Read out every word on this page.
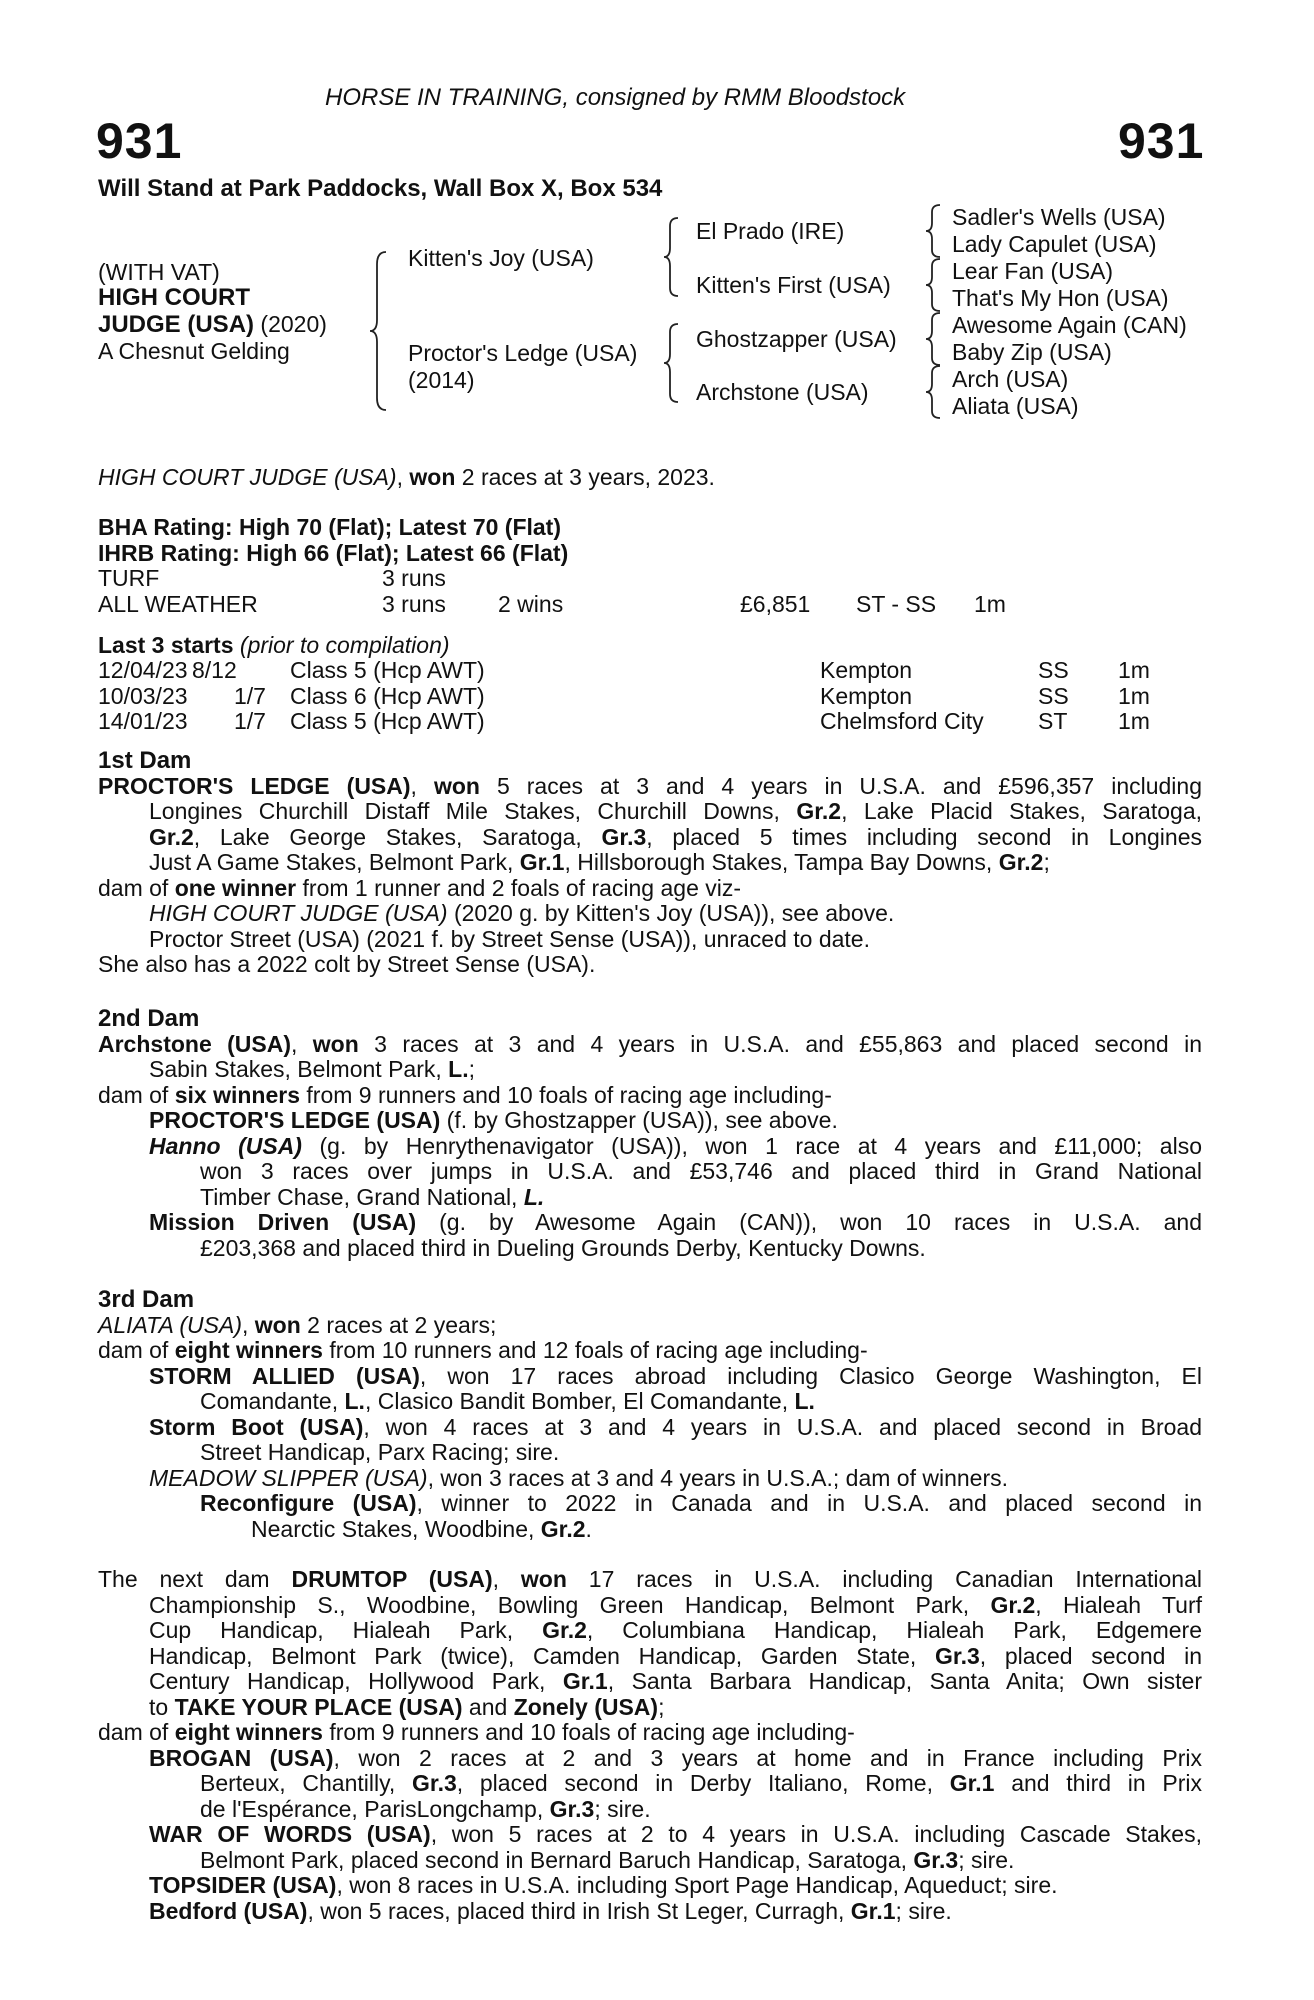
HORSE IN TRAINING, consigned by RMM Bloodstock
931	931
Will Stand at Park Paddocks, Wall Box X, Box 534
(WITH VAT)
HIGH COURT
JUDGE (USA) (2020)
A Chesnut Gelding
Kitten's Joy (USA)
Proctor's Ledge (USA)
(2014)
El Prado (IRE)
Kitten's First (USA)
Ghostzapper (USA)
Archstone (USA)
Sadler's Wells (USA)
Lady Capulet (USA)
Lear Fan (USA)
That's My Hon (USA)
Awesome Again (CAN)
Baby Zip (USA)
Arch (USA)
Aliata (USA)
HIGH COURT JUDGE (USA), won 2 races at 3 years, 2023.
BHA Rating: High 70 (Flat); Latest 70 (Flat)
IHRB Rating: High 66 (Flat); Latest 66 (Flat)
TURF	3 runs
ALL WEATHER	3 runs 2 wins	£6,851 ST - SS 1m
Last 3 starts (prior to compilation)
12/04/23 8/12 Class 5 (Hcp AWT)	Kempton	SS 1m
10/03/23 1/7 Class 6 (Hcp AWT)	Kempton	SS 1m
14/01/23 1/7 Class 5 (Hcp AWT)	Chelmsford City ST 1m
1st Dam
PROCTOR'S LEDGE (USA), won 5 races at 3 and 4 years in U.S.A. and £596,357 including
Longines Churchill Distaff Mile Stakes, Churchill Downs, Gr.2, Lake Placid Stakes, Saratoga,
Gr.2, Lake George Stakes, Saratoga, Gr.3, placed 5 times including second in Longines
Just A Game Stakes, Belmont Park, Gr.1, Hillsborough Stakes, Tampa Bay Downs, Gr.2;
dam of one winner from 1 runner and 2 foals of racing age viz-
HIGH COURT JUDGE (USA) (2020 g. by Kitten's Joy (USA)), see above.
Proctor Street (USA) (2021 f. by Street Sense (USA)), unraced to date.
She also has a 2022 colt by Street Sense (USA).
2nd Dam
Archstone (USA), won 3 races at 3 and 4 years in U.S.A. and £55,863 and placed second in
Sabin Stakes, Belmont Park, L.;
dam of six winners from 9 runners and 10 foals of racing age including-
PROCTOR'S LEDGE (USA) (f. by Ghostzapper (USA)), see above.
Hanno (USA) (g. by Henrythenavigator (USA)), won 1 race at 4 years and £11,000; also
won 3 races over jumps in U.S.A. and £53,746 and placed third in Grand National
Timber Chase, Grand National, L.
Mission Driven (USA) (g. by Awesome Again (CAN)), won 10 races in U.S.A. and
£203,368 and placed third in Dueling Grounds Derby, Kentucky Downs.
3rd Dam
ALIATA (USA), won 2 races at 2 years;
dam of eight winners from 10 runners and 12 foals of racing age including-
STORM ALLIED (USA), won 17 races abroad including Clasico George Washington, El
Comandante, L., Clasico Bandit Bomber, El Comandante, L.
Storm Boot (USA), won 4 races at 3 and 4 years in U.S.A. and placed second in Broad
Street Handicap, Parx Racing; sire.
MEADOW SLIPPER (USA), won 3 races at 3 and 4 years in U.S.A.; dam of winners.
Reconfigure (USA), winner to 2022 in Canada and in U.S.A. and placed second in
Nearctic Stakes, Woodbine, Gr.2.
The next dam DRUMTOP (USA), won 17 races in U.S.A. including Canadian International
Championship S., Woodbine, Bowling Green Handicap, Belmont Park, Gr.2, Hialeah Turf
Cup Handicap, Hialeah Park, Gr.2, Columbiana Handicap, Hialeah Park, Edgemere
Handicap, Belmont Park (twice), Camden Handicap, Garden State, Gr.3, placed second in
Century Handicap, Hollywood Park, Gr.1, Santa Barbara Handicap, Santa Anita; Own sister
to TAKE YOUR PLACE (USA) and Zonely (USA);
dam of eight winners from 9 runners and 10 foals of racing age including-
BROGAN (USA), won 2 races at 2 and 3 years at home and in France including Prix
Berteux, Chantilly, Gr.3, placed second in Derby Italiano, Rome, Gr.1 and third in Prix
de l'Espérance, ParisLongchamp, Gr.3; sire.
WAR OF WORDS (USA), won 5 races at 2 to 4 years in U.S.A. including Cascade Stakes,
Belmont Park, placed second in Bernard Baruch Handicap, Saratoga, Gr.3; sire.
TOPSIDER (USA), won 8 races in U.S.A. including Sport Page Handicap, Aqueduct; sire.
Bedford (USA), won 5 races, placed third in Irish St Leger, Curragh, Gr.1; sire.
